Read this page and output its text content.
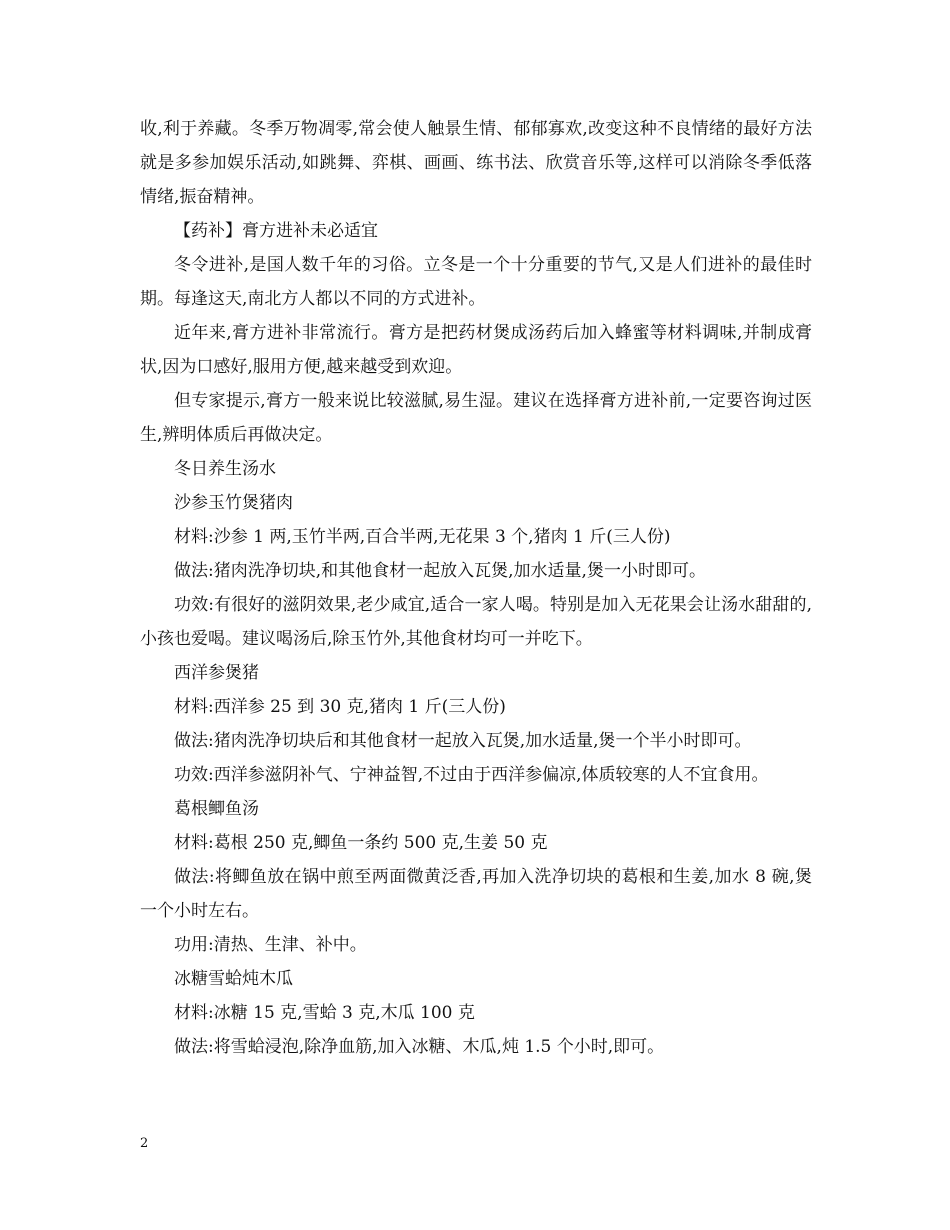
收,利于养藏。冬季万物凋零,常会使人触景生情、郁郁寡欢,改变这种不良情绪的最好方法就是多参加娱乐活动,如跳舞、弈棋、画画、练书法、欣赏音乐等,这样可以消除冬季低落情绪,振奋精神。

【药补】膏方进补未必适宜

冬令进补,是国人数千年的习俗。立冬是一个十分重要的节气,又是人们进补的最佳时期。每逢这天,南北方人都以不同的方式进补。

近年来,膏方进补非常流行。膏方是把药材煲成汤药后加入蜂蜜等材料调味,并制成膏状,因为口感好,服用方便,越来越受到欢迎。

但专家提示,膏方一般来说比较滋腻,易生湿。建议在选择膏方进补前,一定要咨询过医生,辨明体质后再做决定。

冬日养生汤水

沙参玉竹煲猪肉

材料:沙参 1 两,玉竹半两,百合半两,无花果 3 个,猪肉 1 斤(三人份)

做法:猪肉洗净切块,和其他食材一起放入瓦煲,加水适量,煲一小时即可。

功效:有很好的滋阴效果,老少咸宜,适合一家人喝。特别是加入无花果会让汤水甜甜的,小孩也爱喝。建议喝汤后,除玉竹外,其他食材均可一并吃下。

西洋参煲猪

材料:西洋参 25 到 30 克,猪肉 1 斤(三人份)

做法:猪肉洗净切块后和其他食材一起放入瓦煲,加水适量,煲一个半小时即可。

功效:西洋参滋阴补气、宁神益智,不过由于西洋参偏凉,体质较寒的人不宜食用。

葛根鲫鱼汤

材料:葛根 250 克,鲫鱼一条约 500 克,生姜 50 克

做法:将鲫鱼放在锅中煎至两面微黄泛香,再加入洗净切块的葛根和生姜,加水 8 碗,煲一个小时左右。

功用:清热、生津、补中。

冰糖雪蛤炖木瓜

材料:冰糖 15 克,雪蛤 3 克,木瓜 100 克

做法:将雪蛤浸泡,除净血筋,加入冰糖、木瓜,炖 1.5 个小时,即可。

2
